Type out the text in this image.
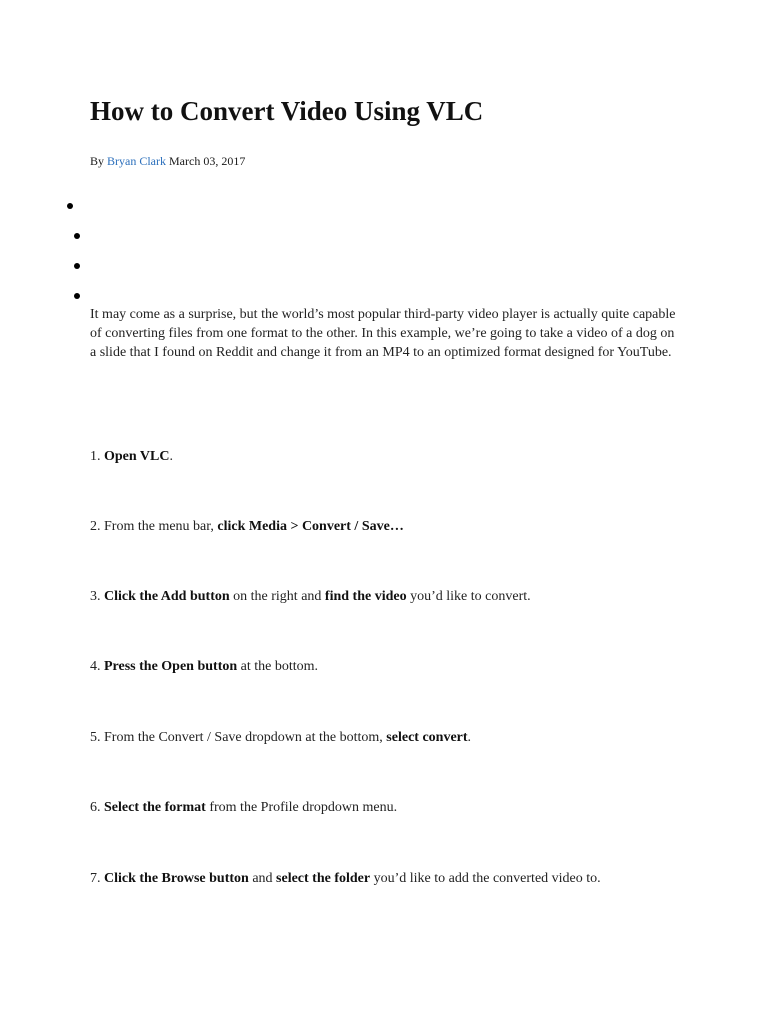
How to Convert Video Using VLC
By Bryan Clark March 03, 2017

It may come as a surprise, but the world’s most popular third-party video player is actually quite capable of converting files from one format to the other. In this example, we’re going to take a video of a dog on a slide that I found on Reddit and change it from an MP4 to an optimized format designed for YouTube.

1. Open VLC.

2. From the menu bar, click Media > Convert / Save…

3. Click the Add button on the right and find the video you’d like to convert.

4. Press the Open button at the bottom.

5. From the Convert / Save dropdown at the bottom, select convert.

6. Select the format from the Profile dropdown menu.

7. Click the Browse button and select the folder you’d like to add the converted video to.
